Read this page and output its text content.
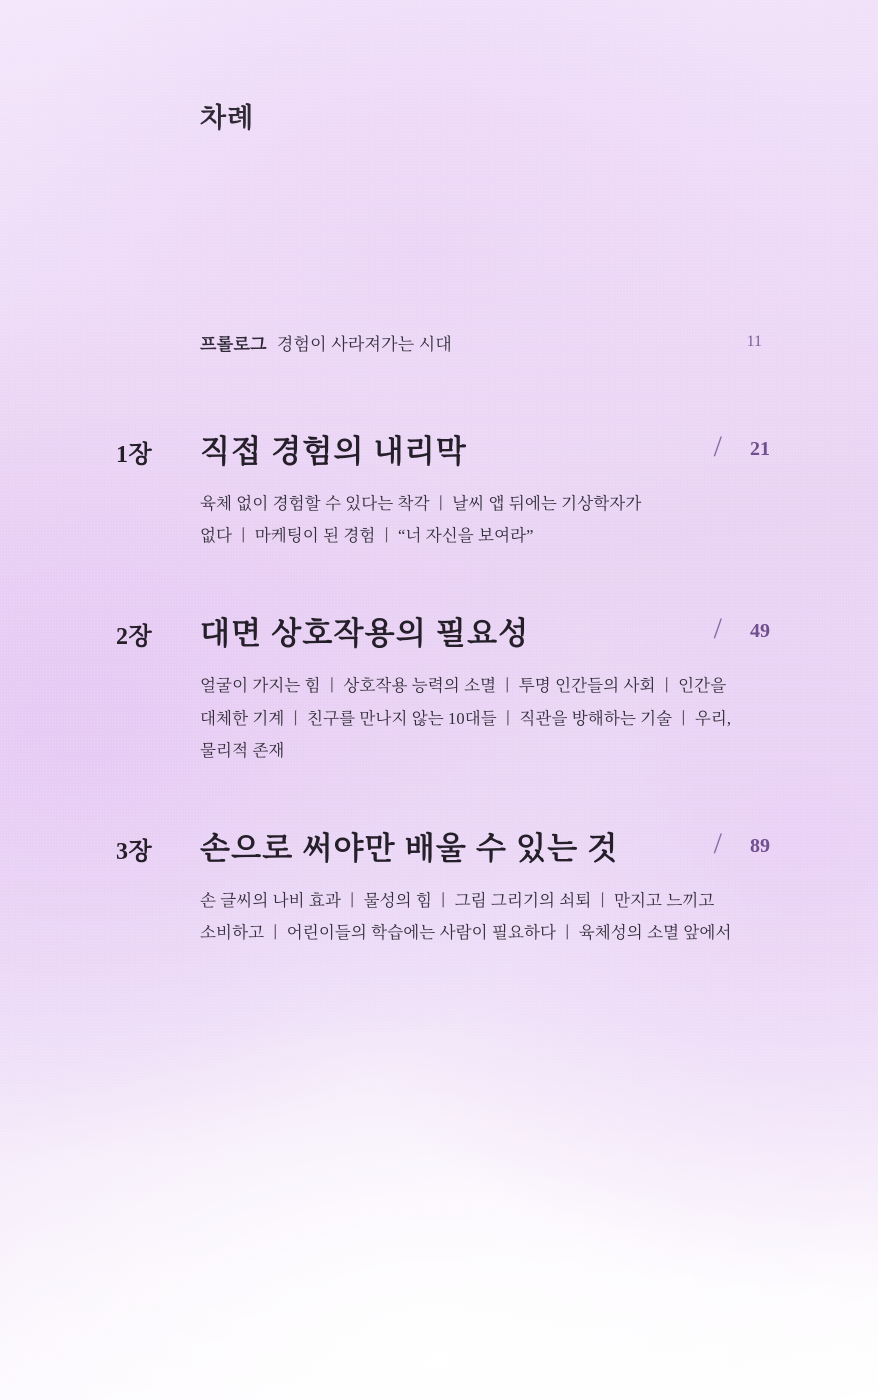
차례
프롤로그 경험이 사라져가는 시대	11
1장 직접 경험의 내리막	/ 21
육체 없이 경험할 수 있다는 착각 丨 날씨 앱 뒤에는 기상학자가 없다 丨 마케팅이 된 경험 丨 “너 자신을 보여라”
2장 대면 상호작용의 필요성	/ 49
얼굴이 가지는 힘 丨 상호작용 능력의 소멸 丨 투명 인간들의 사회 丨 인간을 대체한 기계 丨 친구를 만나지 않는 10대들 丨 직관을 방해하는 기술 丨 우리, 물리적 존재
3장 손으로 써야만 배울 수 있는 것	/ 89
손 글씨의 나비 효과 丨 물성의 힘 丨 그림 그리기의 쇠퇴 丨 만지고 느끼고 소비하고 丨 어린이들의 학습에는 사람이 필요하다 丨 육체성의 소멸 앞에서
